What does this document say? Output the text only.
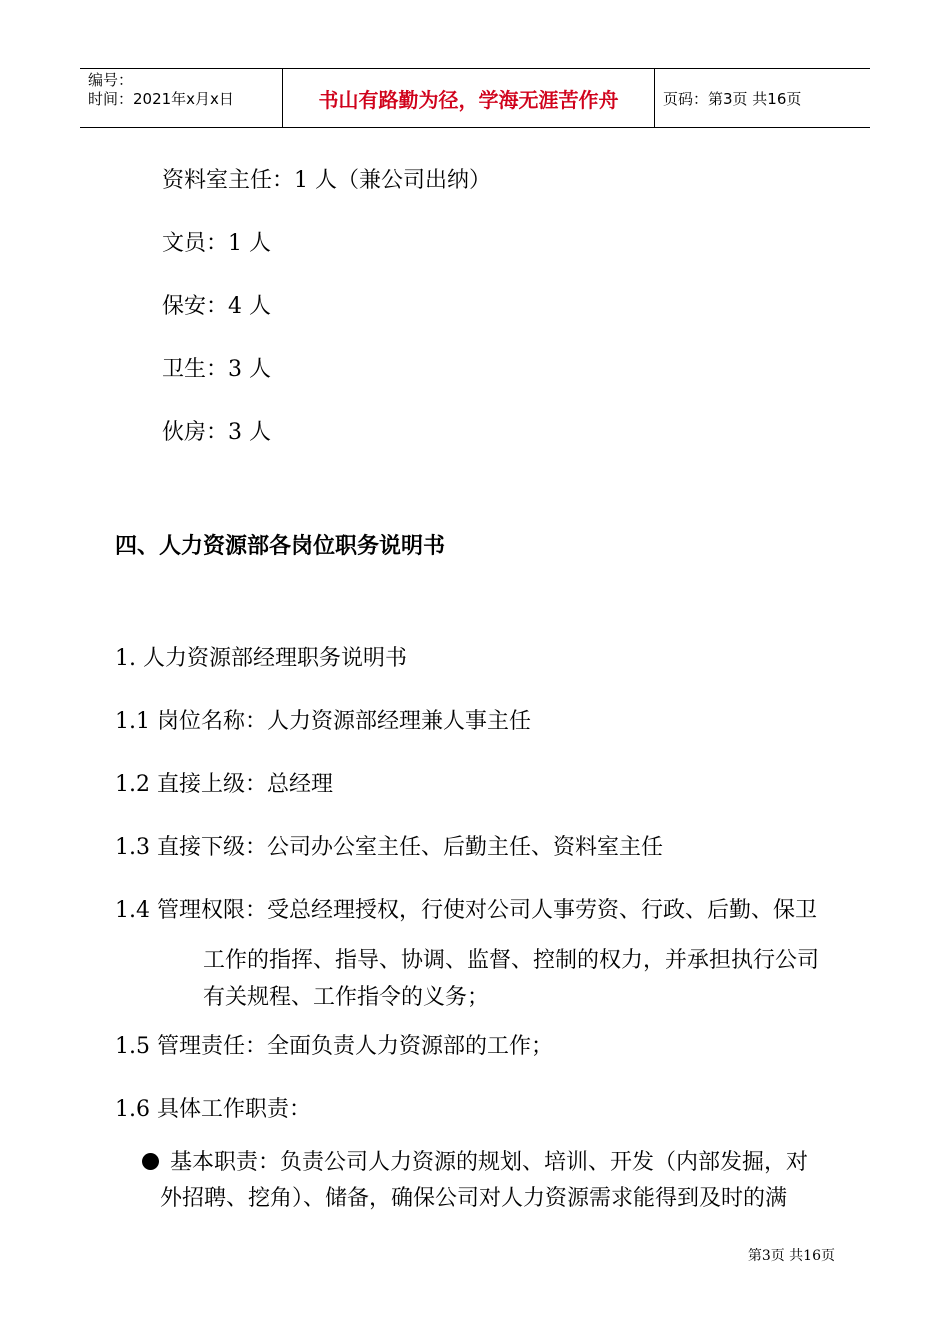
编号：
时间：2021年x月x日	书山有路勤为径，学海无涯苦作舟	页码：第3页 共16页
资料室主任：1 人（兼公司出纳）
文员：1 人
保安：4 人
卫生：3 人
伙房：3 人
四、人力资源部各岗位职务说明书
1. 人力资源部经理职务说明书
1.1 岗位名称：人力资源部经理兼人事主任
1.2 直接上级：总经理
1.3 直接下级：公司办公室主任、后勤主任、资料室主任
1.4 管理权限：受总经理授权，行使对公司人事劳资、行政、后勤、保卫
工作的指挥、指导、协调、监督、控制的权力，并承担执行公司
有关规程、工作指令的义务；
1.5 管理责任：全面负责人力资源部的工作；
1.6 具体工作职责：
基本职责：负责公司人力资源的规划、培训、开发（内部发掘，对
外招聘、挖角）、储备，确保公司对人力资源需求能得到及时的满
第3页 共16页
